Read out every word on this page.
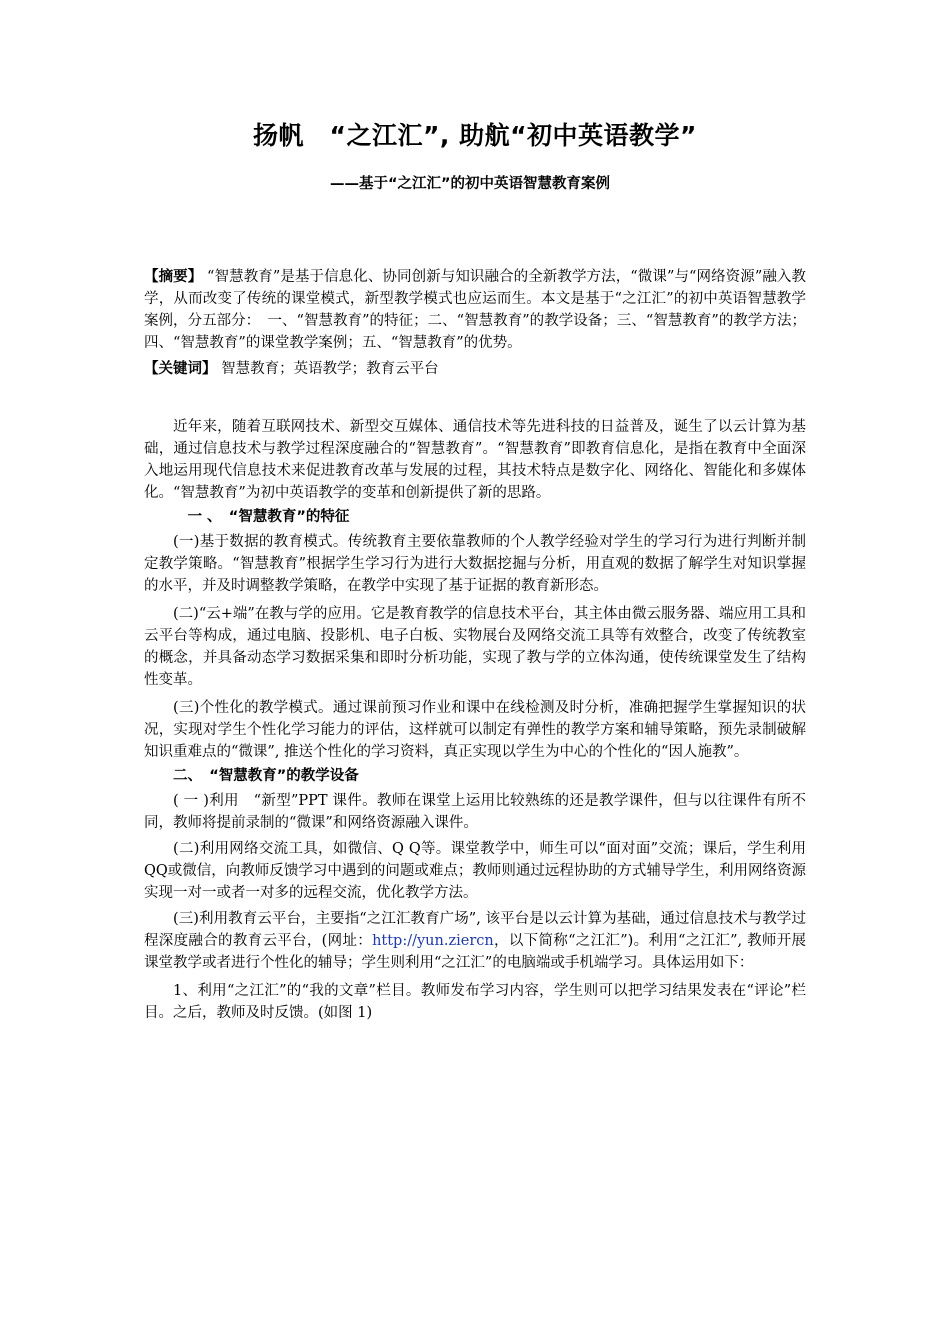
扬帆　“之江汇”, 助航“初中英语教学”
——基于“之江汇”的初中英语智慧教育案例

【摘要】 “智慧教育”是基于信息化、协同创新与知识融合的全新教学方法，“微课”与“网络资源”融入教学，从而改变了传统的课堂模式，新型教学模式也应运而生。本文是基于“之江汇”的初中英语智慧教学案例，分五部分：　一、“智慧教育”的特征；二、“智慧教育”的教学设备；三、“智慧教育”的教学方法；四、“智慧教育”的课堂教学案例；五、“智慧教育”的优势。

【关键词】 智慧教育；英语教学；教育云平台

近年来，随着互联网技术、新型交互媒体、通信技术等先进科技的日益普及，诞生了以云计算为基础，通过信息技术与教学过程深度融合的“智慧教育”。“智慧教育”即教育信息化，是指在教育中全面深入地运用现代信息技术来促进教育改革与发展的过程，其技术特点是数字化、网络化、智能化和多媒体化。“智慧教育”为初中英语教学的变革和创新提供了新的思路。

一 、　“智慧教育”的特征

(一)基于数据的教育模式。传统教育主要依靠教师的个人教学经验对学生的学习行为进行判断并制定教学策略。“智慧教育”根据学生学习行为进行大数据挖掘与分析，用直观的数据了解学生对知识掌握的水平，并及时调整教学策略，在教学中实现了基于证据的教育新形态。

(二)“云+端”在教与学的应用。它是教育教学的信息技术平台，其主体由微云服务器、端应用工具和云平台等构成，通过电脑、投影机、电子白板、实物展台及网络交流工具等有效整合，改变了传统教室的概念，并具备动态学习数据采集和即时分析功能，实现了教与学的立体沟通，使传统课堂发生了结构性变革。

(三)个性化的教学模式。通过课前预习作业和课中在线检测及时分析，准确把握学生掌握知识的状况，实现对学生个性化学习能力的评估，这样就可以制定有弹性的教学方案和辅导策略，预先录制破解知识重难点的“微课”, 推送个性化的学习资料，真正实现以学生为中心的个性化的“因人施教”。

二、　“智慧教育”的教学设备

( 一 )利用　“新型”PPT 课件。教师在课堂上运用比较熟练的还是教学课件，但与以往课件有所不同，教师将提前录制的“微课”和网络资源融入课件。

(二)利用网络交流工具，如微信、Q Q等。课堂教学中，师生可以“面对面”交流；课后，学生利用QQ或微信，向教师反馈学习中遇到的问题或难点；教师则通过远程协助的方式辅导学生，利用网络资源实现一对一或者一对多的远程交流，优化教学方法。

(三)利用教育云平台，主要指“之江汇教育广场”, 该平台是以云计算为基础，通过信息技术与教学过程深度融合的教育云平台，(网址：http://yun.ziercn，以下简称“之江汇”)。利用“之江汇”, 教师开展课堂教学或者进行个性化的辅导；学生则利用“之江汇”的电脑端或手机端学习。具体运用如下：

1、利用“之江汇”的“我的文章”栏目。教师发布学习内容，学生则可以把学习结果发表在“评论”栏目。之后，教师及时反馈。(如图 1)
